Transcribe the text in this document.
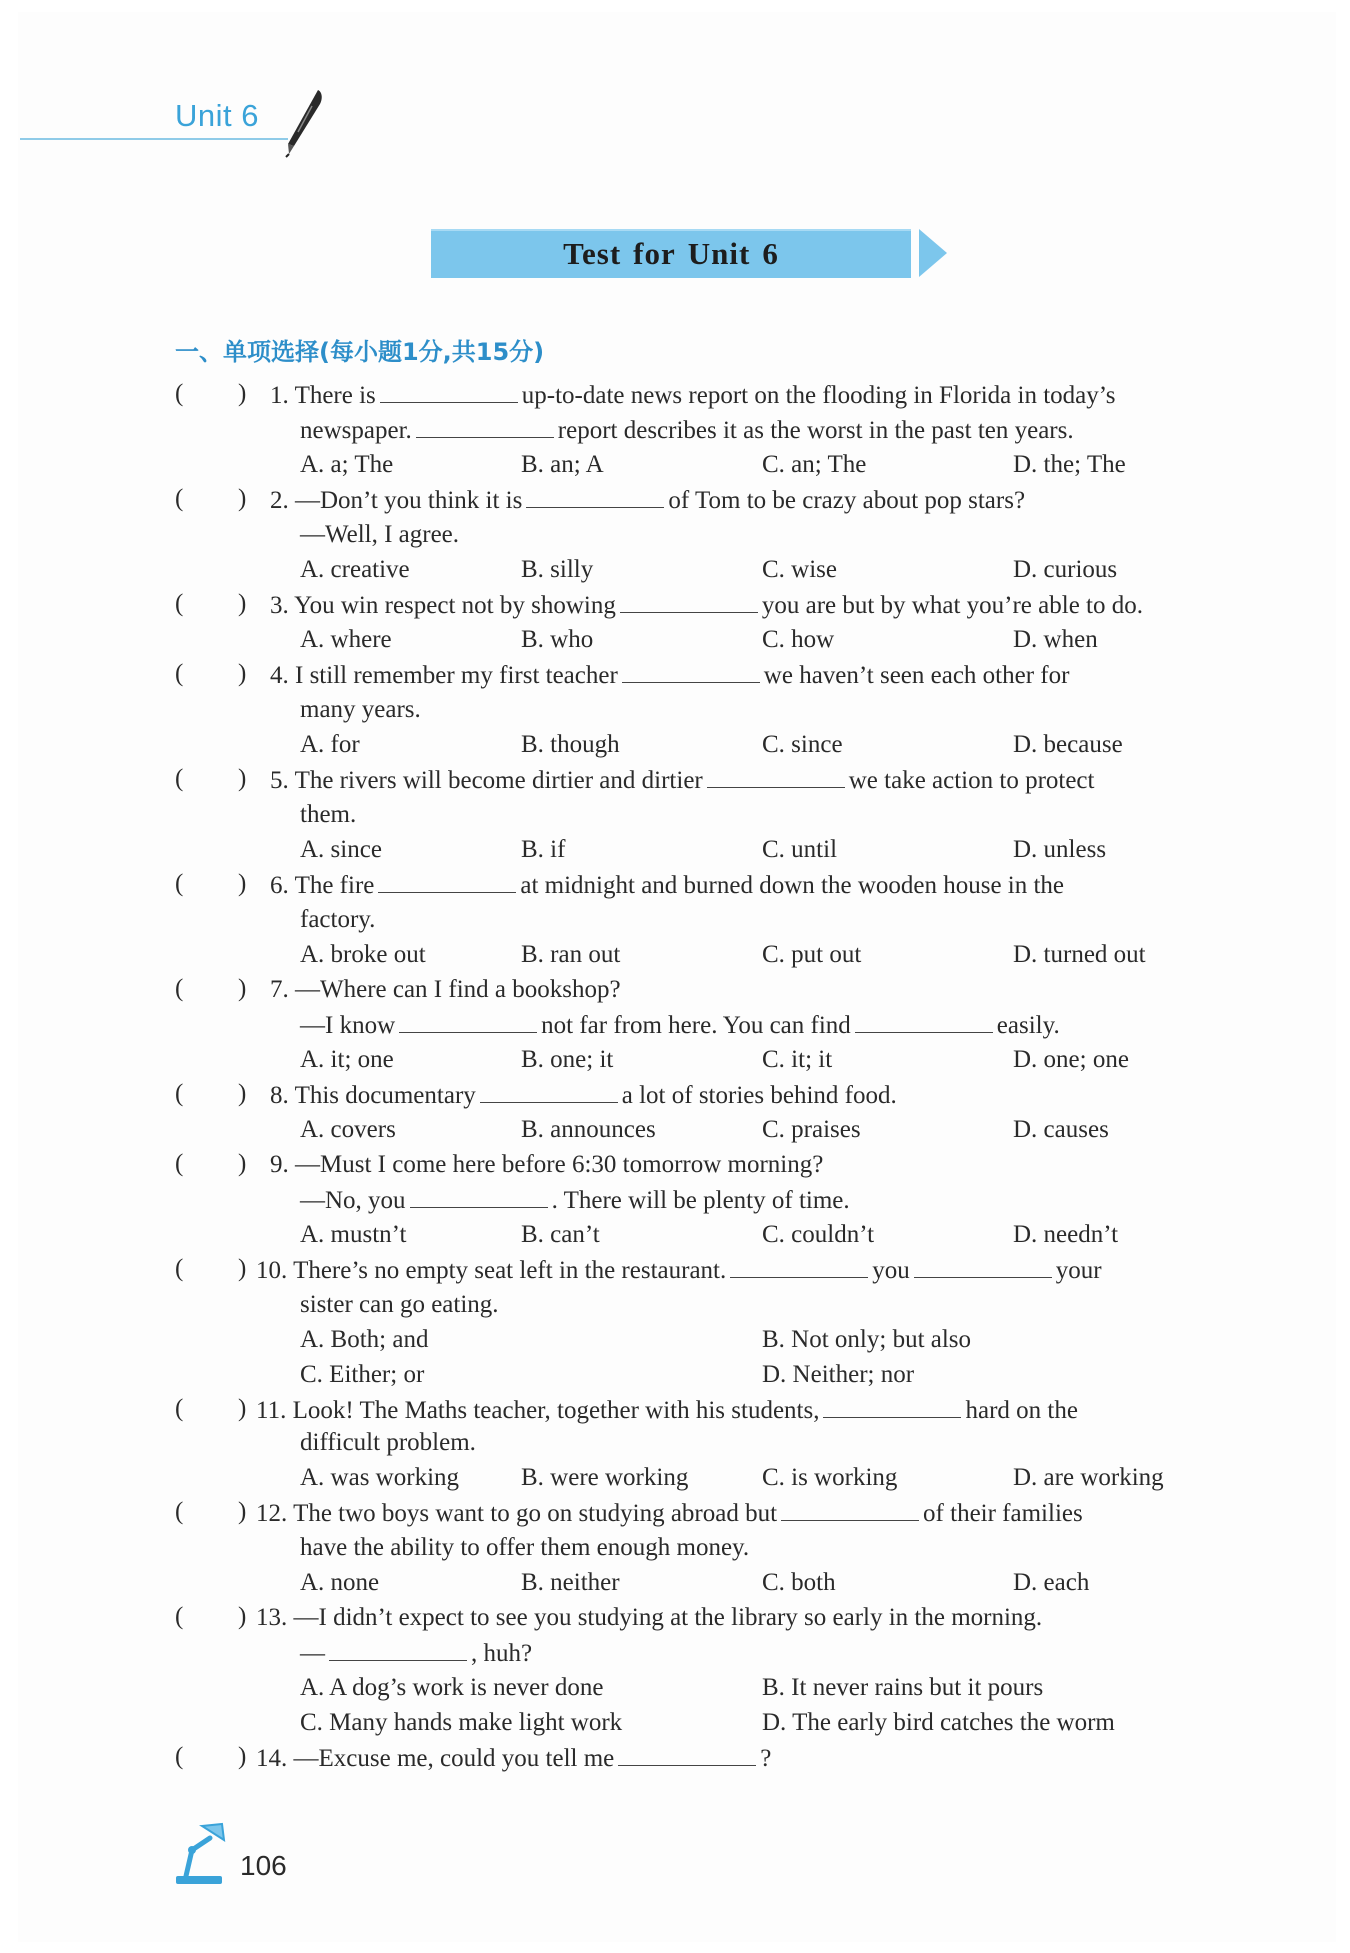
Unit 6
Test for Unit 6
一、单项选择(每小题1分,共15分)
( ) 1. There is	up-to-date news report on the flooding in Florida in today’s
newspaper.	report describes it as the worst in the past ten years.
A. a; The	B. an; A	C. an; The	D. the; The
( ) 2. —Don’t you think it is	of Tom to be crazy about pop stars?
—Well, I agree.
A. creative	B. silly	C. wise	D. curious
( ) 3. You win respect not by showing	you are but by what you’re able to do.
A. where	B. who	C. how	D. when
( ) 4. I still remember my first teacher	we haven’t seen each other for
many years.
A. for	B. though	C. since	D. because
( ) 5. The rivers will become dirtier and dirtier	we take action to protect
them.
A. since	B. if	C. until	D. unless
( ) 6. The fire	at midnight and burned down the wooden house in the
factory.
A. broke out	B. ran out	C. put out	D. turned out
( ) 7. —Where can I find a bookshop?
—I know	not far from here. You can find	easily.
A. it; one	B. one; it	C. it; it	D. one; one
( ) 8. This documentary	a lot of stories behind food.
A. covers	B. announces	C. praises	D. causes
( ) 9. —Must I come here before 6:30 tomorrow morning?
—No, you	. There will be plenty of time.
A. mustn’t	B. can’t	C. couldn’t	D. needn’t
( ) 10. There’s no empty seat left in the restaurant.	you	your
sister can go eating.
A. Both; and	B. Not only; but also
C. Either; or	D. Neither; nor
( ) 11. Look! The Maths teacher, together with his students,	hard on the
difficult problem.
A. was working B. were working	C. is working	D. are working
( ) 12. The two boys want to go on studying abroad but	of their families
have the ability to offer them enough money.
A. none	B. neither	C. both	D. each
( ) 13. —I didn’t expect to see you studying at the library so early in the morning.
—	, huh?
A. A dog’s work is never done	B. It never rains but it pours
C. Many hands make light work	D. The early bird catches the worm
( ) 14. —Excuse me, could you tell me	?
106
